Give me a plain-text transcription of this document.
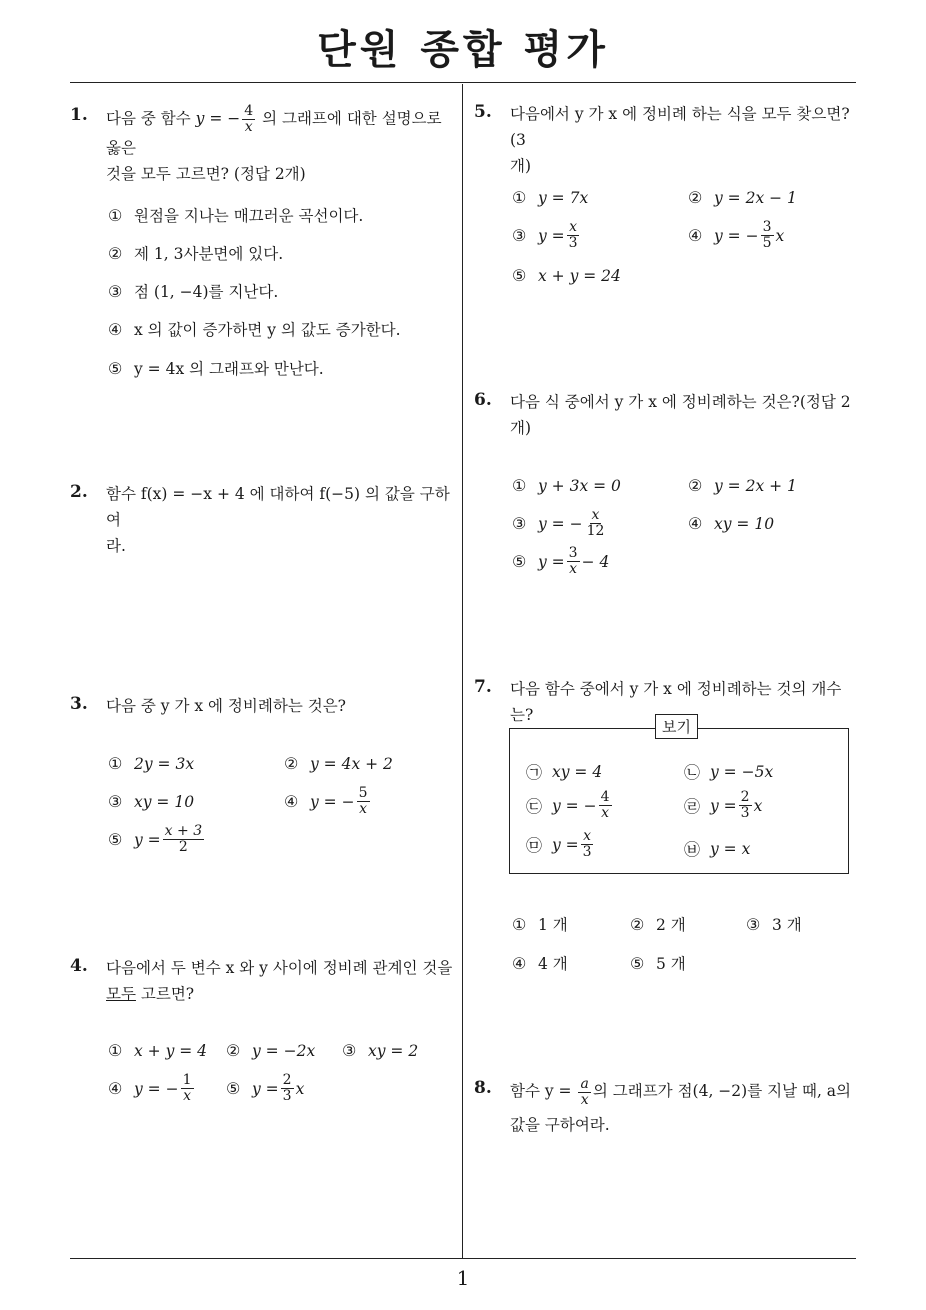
단원 종합 평가
1
1. 다음 중 함수 y = − $\frac{4}{x}$ 의 그래프에 대한 설명으로 옳은
것을 모두 고르면? (정답 2개)
① 원점을 지나는 매끄러운 곡선이다.
② 제 1, 3사분면에 있다.
③ 점 (1, −4)를 지난다.
④ x 의 값이 증가하면 y 의 값도 증가한다.
⑤ y = 4x 의 그래프와 만난다.
2. 함수 f(x) = −x + 4 에 대하여 f(−5) 의 값을 구하여
라.
3. 다음 중 y 가 x 에 정비례하는 것은?
① 2y = 3x	② y = 4x + 2
③ xy = 10	④ y = − $\frac{5}{x}$
⑤ $y = \frac{x + 3}{2}$
4. 다음에서 두 변수 x 와 y 사이에 정비례 관계인 것을
모두 고르면?
① x + y = 4 ② y = −2x ③ xy = 2
④ y = − $\frac{1}{x}$ ⑤ $y = \frac{2}{3}$ x
5. 다음에서 y 가 x 에 정비례 하는 식을 모두 찾으면?(3
개)
① y = 7x	② y = 2x − 1
③ $y = \frac{x}{3}$	④ y = − $\frac{3}{5}$ x
⑤ x + y = 24
6. 다음 식 중에서 y 가 x 에 정비례하는 것은?(정답 2
개)
① y + 3x = 0	② y = 2x + 1
③ y = − $\frac{x}{12}$	④ xy = 10
⑤ $y = \frac{3}{x} - 4$
7. 다음 함수 중에서 y 가 x 에 정비례하는 것의 개수는?
보기
㉠ xy = 4	㉡ y = −5x
㉢ y = − $\frac{4}{x}$	㉣ $y = \frac{2}{3}$ x
㉤ $y = \frac{x}{3}$	㉥ y = x
① 1 개	② 2 개	③ 3 개
④ 4 개	⑤ 5 개
8. 함수 $y = \frac{a}{x}$ 의 그래프가 점(4, −2)를 지날 때, a의
값을 구하여라.
